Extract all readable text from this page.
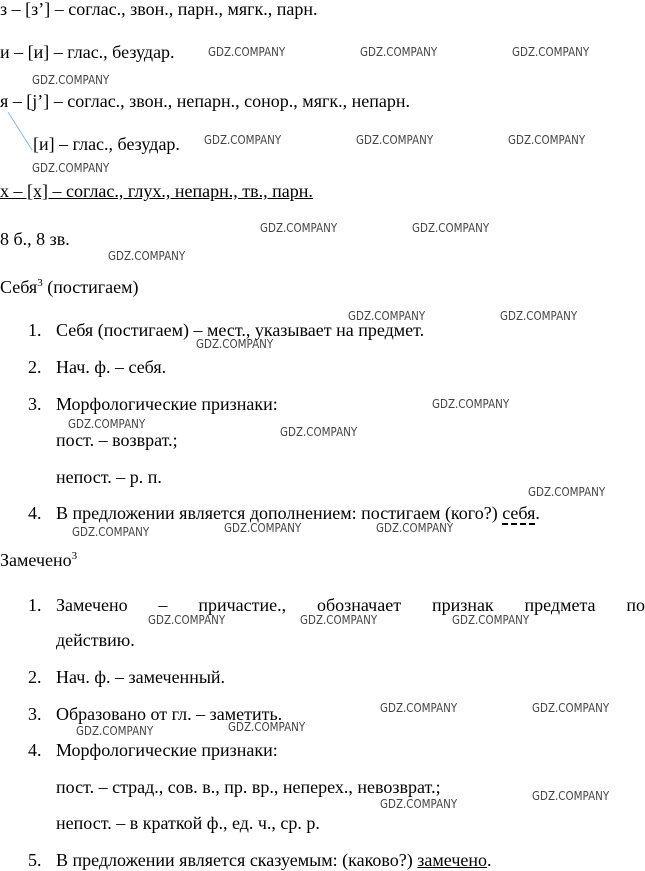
з – [з’] – соглас., звон., парн., мягк., парн.
и – [и] – глас., безудар.
я – [j’] – соглас., звон., непарн., сонор., мягк., непарн.
[и] – глас., безудар.
х – [х] – соглас., глух., непарн., тв., парн.
8 б., 8 зв.
Себя$^3$ (постигаем)
1. Себя (постигаем) – мест., указывает на предмет.
2. Нач. ф. – себя.
3. Морфологические признаки:
пост. – возврат.;
непост. – р. п.
4. В предложении является дополнением: постигаем (кого?) себя.
Замечено$^3$
1. Замечено – причастие., обозначает признак предмета по
действию.
2. Нач. ф. – замеченный.
3. Образовано от гл. – заметить.
4. Морфологические признаки:
пост. – страд., сов. в., пр. вр., неперех., невозврат.;
непост. – в краткой ф., ед. ч., ср. р.
5. В предложении является сказуемым: (каково?) замечено.
GDZ.COMPANY	GDZ.COMPANY	GDZ.COMPANY
GDZ.COMPANY
GDZ.COMPANY	GDZ.COMPANY	GDZ.COMPANY
GDZ.COMPANY
GDZ.COMPANY	GDZ.COMPANY
GDZ.COMPANY
GDZ.COMPANY	GDZ.COMPANY
GDZ.COMPANY
GDZ.COMPANY
GDZ.COMPANY
GDZ.COMPANY
GDZ.COMPANY
GDZ.COMPANY	GDZ.COMPANY	GDZ.COMPANY
GDZ.COMPANY	GDZ.COMPANY	GDZ.COMPANY
GDZ.COMPANY	GDZ.COMPANY
GDZ.COMPANY	GDZ.COMPANY
GDZ.COMPANY
GDZ.COMPANY
